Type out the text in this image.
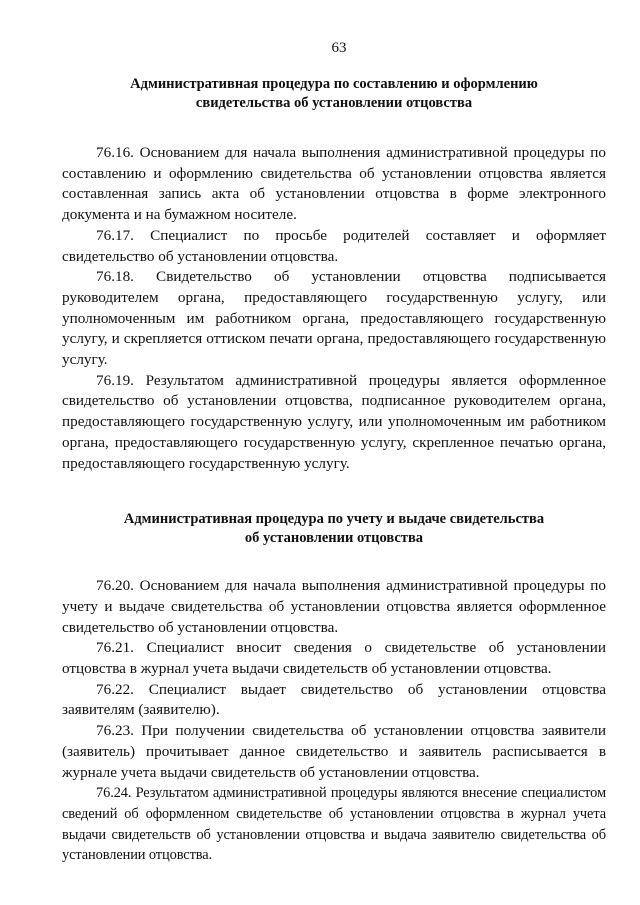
63
Административная процедура по составлению и оформлению
свидетельства об установлении отцовства

76.16. Основанием для начала выполнения административной процедуры по составлению и оформлению свидетельства об установлении отцовства является составленная запись акта об установлении отцовства в форме электронного документа и на бумажном носителе.

76.17. Специалист по просьбе родителей составляет и оформляет свидетельство об установлении отцовства.

76.18. Свидетельство об установлении отцовства подписывается руководителем органа, предоставляющего государственную услугу, или уполномоченным им работником органа, предоставляющего государственную услугу, и скрепляется оттиском печати органа, предоставляющего государственную услугу.

76.19. Результатом административной процедуры является оформленное свидетельство об установлении отцовства, подписанное руководителем органа, предоставляющего государственную услугу, или уполномоченным им работником органа, предоставляющего государственную услугу, скрепленное печатью органа, предоставляющего государственную услугу.

Административная процедура по учету и выдаче свидетельства
об установлении отцовства

76.20. Основанием для начала выполнения административной процедуры по учету и выдаче свидетельства об установлении отцовства является оформленное свидетельство об установлении отцовства.

76.21. Специалист вносит сведения о свидетельстве об установлении отцовства в журнал учета выдачи свидетельств об установлении отцовства.

76.22. Специалист выдает свидетельство об установлении отцовства заявителям (заявителю).

76.23. При получении свидетельства об установлении отцовства заявители (заявитель) прочитывает данное свидетельство и заявитель расписывается в журнале учета выдачи свидетельств об установлении отцовства.

76.24. Результатом административной процедуры являются внесение специалистом сведений об оформленном свидетельстве об установлении отцовства в журнал учета выдачи свидетельств об установлении отцовства и выдача заявителю свидетельства об установлении отцовства.
